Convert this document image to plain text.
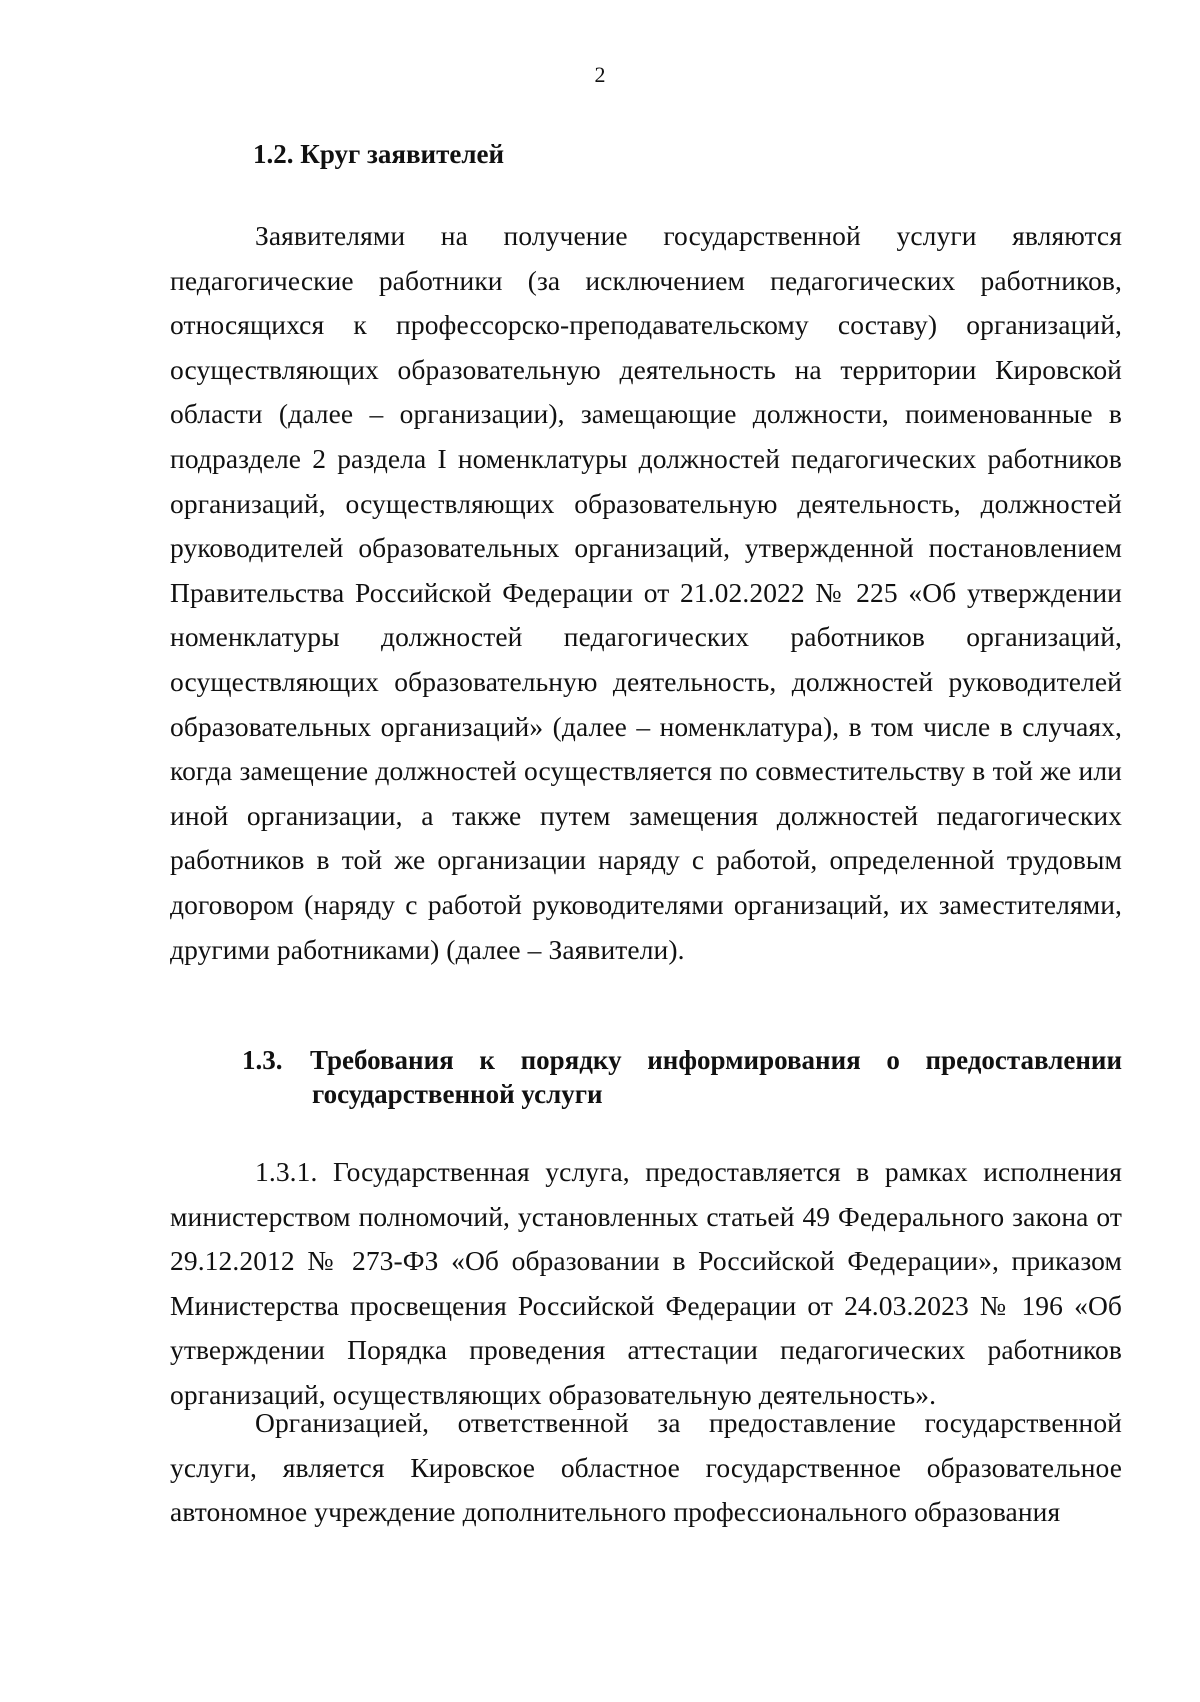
2
1.2. Круг заявителей

Заявителями на получение государственной услуги являются педагогические работники (за исключением педагогических работников, относящихся к профессорско-преподавательскому составу) организаций, осуществляющих образовательную деятельность на территории Кировской области (далее – организации), замещающие должности, поименованные в подразделе 2 раздела I номенклатуры должностей педагогических работников организаций, осуществляющих образовательную деятельность, должностей руководителей образовательных организаций, утвержденной постановлением Правительства Российской Федерации от 21.02.2022 № 225 «Об утверждении номенклатуры должностей педагогических работников организаций, осуществляющих образовательную деятельность, должностей руководителей образовательных организаций» (далее – номенклатура), в том числе в случаях, когда замещение должностей осуществляется по совместительству в той же или иной организации, а также путем замещения должностей педагогических работников в той же организации наряду с работой, определенной трудовым договором (наряду с работой руководителями организаций, их заместителями, другими работниками) (далее – Заявители).

1.3. Требования к порядку информирования о предоставлении
государственной услуги

1.3.1. Государственная услуга, предоставляется в рамках исполнения министерством полномочий, установленных статьей 49 Федерального закона от 29.12.2012 № 273-ФЗ «Об образовании в Российской Федерации», приказом Министерства просвещения Российской Федерации от 24.03.2023 № 196 «Об утверждении Порядка проведения аттестации педагогических работников организаций, осуществляющих образовательную деятельность».

Организацией, ответственной за предоставление государственной услуги, является Кировское областное государственное образовательное автономное учреждение дополнительного профессионального образования
